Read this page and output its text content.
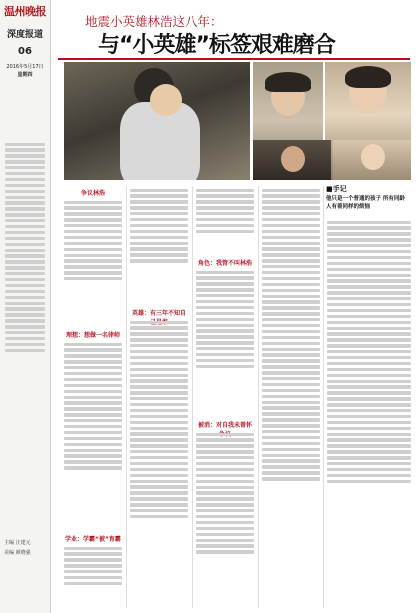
温州晚报
深度报道
06
2016年5月17日
星期四
主编 汪建元
美编 颜晓强
地震小英雄林浩这八年：
与“小英雄”标签艰难磨合
■手记
他只是一个普通的孩子 所有同龄人有着同样的烦恼
争议林浩
理想：想做一名律师
学业：学霸“被”育霸
英雄：有三年不知自
角色：我管不叫林浩
被消：对自我未曾怀
